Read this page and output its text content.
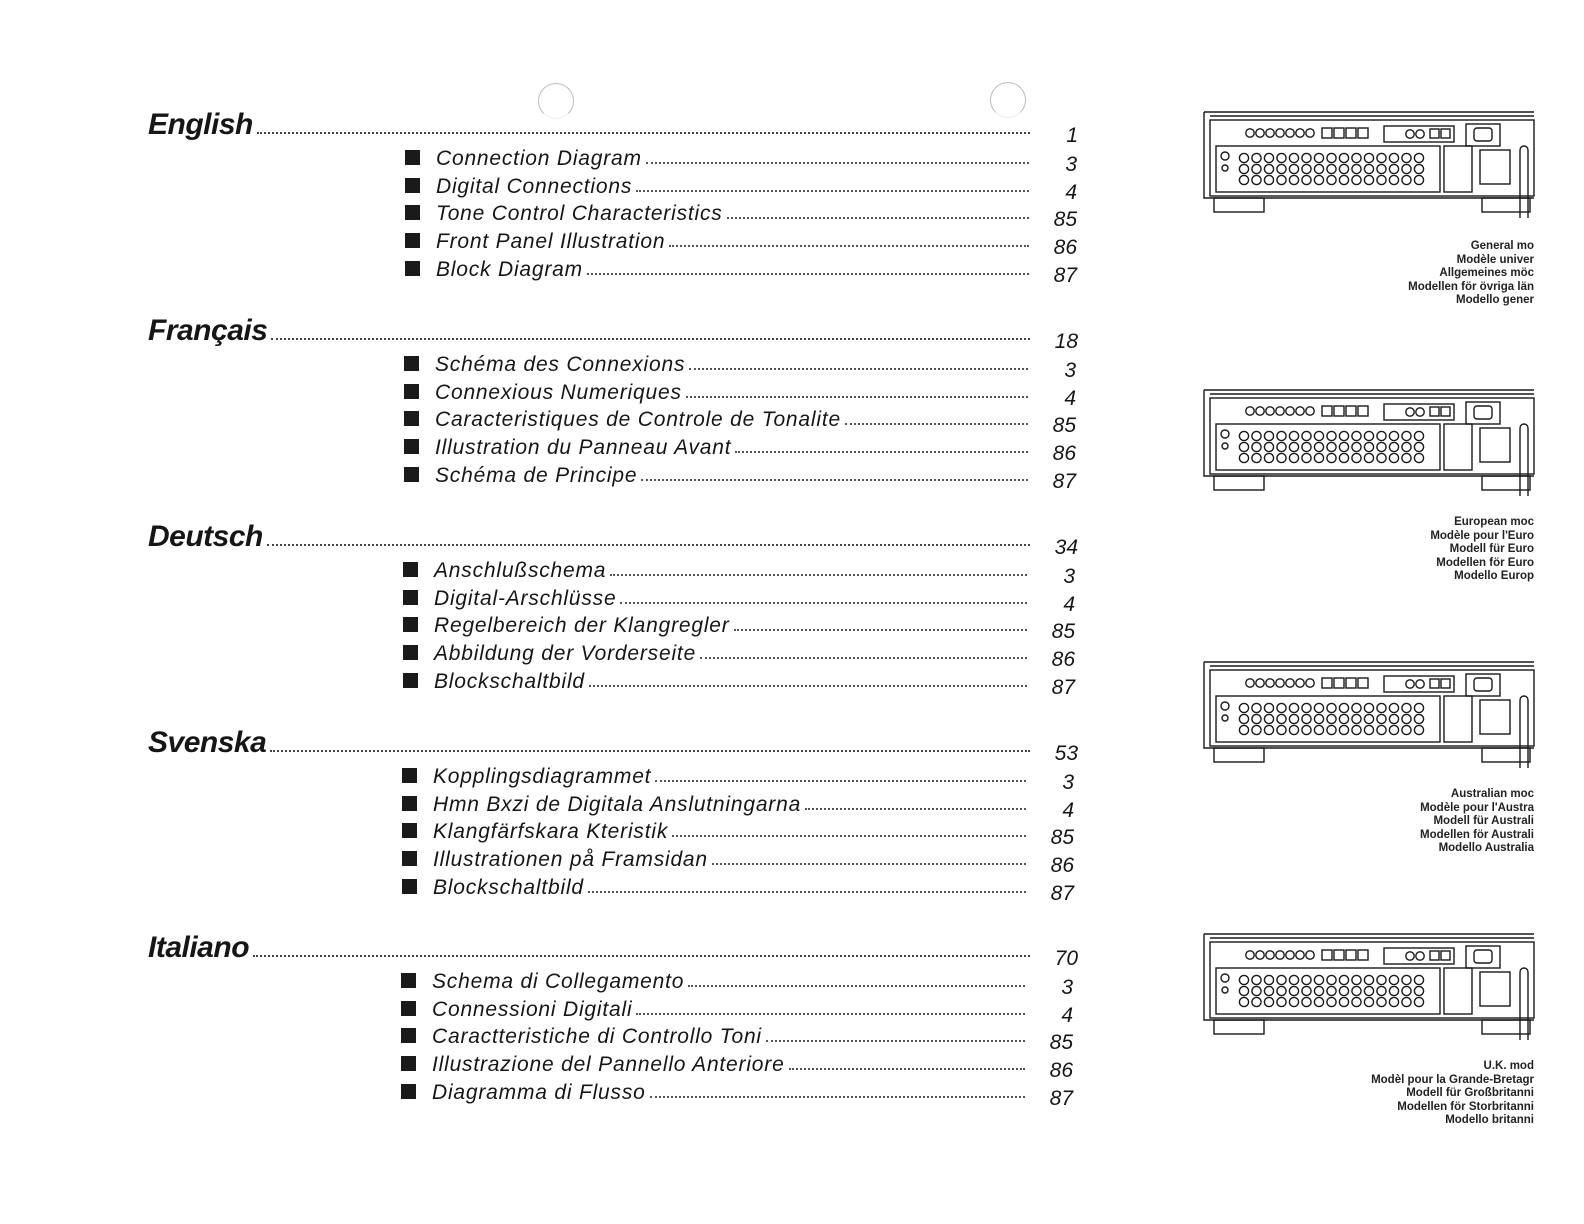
English	1
Connection Diagram	3
Digital Connections	4
Tone Control Characteristics	85
Front Panel Illustration	86
Block Diagram	87
Français	18
Schéma des Connexions	3
Connexious Numeriques	4
Caracteristiques de Controle de Tonalite	85
Illustration du Panneau Avant	86
Schéma de Principe	87
Deutsch	34
Anschlußschema	3
Digital-Arschlüsse	4
Regelbereich der Klangregler	85
Abbildung der Vorderseite	86
Blockschaltbild	87
Svenska	53
Kopplingsdiagrammet	3
Hmn Bxzi de Digitala Anslutningarna	4
Klangfärfskara Kteristik	85
Illustrationen på Framsidan	86
Blockschaltbild	87
Italiano	70
Schema di Collegamento	3
Connessioni Digitali	4
Caractteristiche di Controllo Toni	85
Illustrazione del Pannello Anteriore	86
Diagramma di Flusso	87
General mo
Modèle univer
Allgemeines möc
Modellen för övriga län
Modello gener
European moc
Modèle pour l'Euro
Modell für Euro
Modellen för Euro
Modello Europ
Australian moc
Modèle pour l'Austra
Modell für Australi
Modellen för Australi
Modello Australia
U.K. mod
Modèl pour la Grande-Bretagr
Modell für Großbritanni
Modellen för Storbritanni
Modello britanni
